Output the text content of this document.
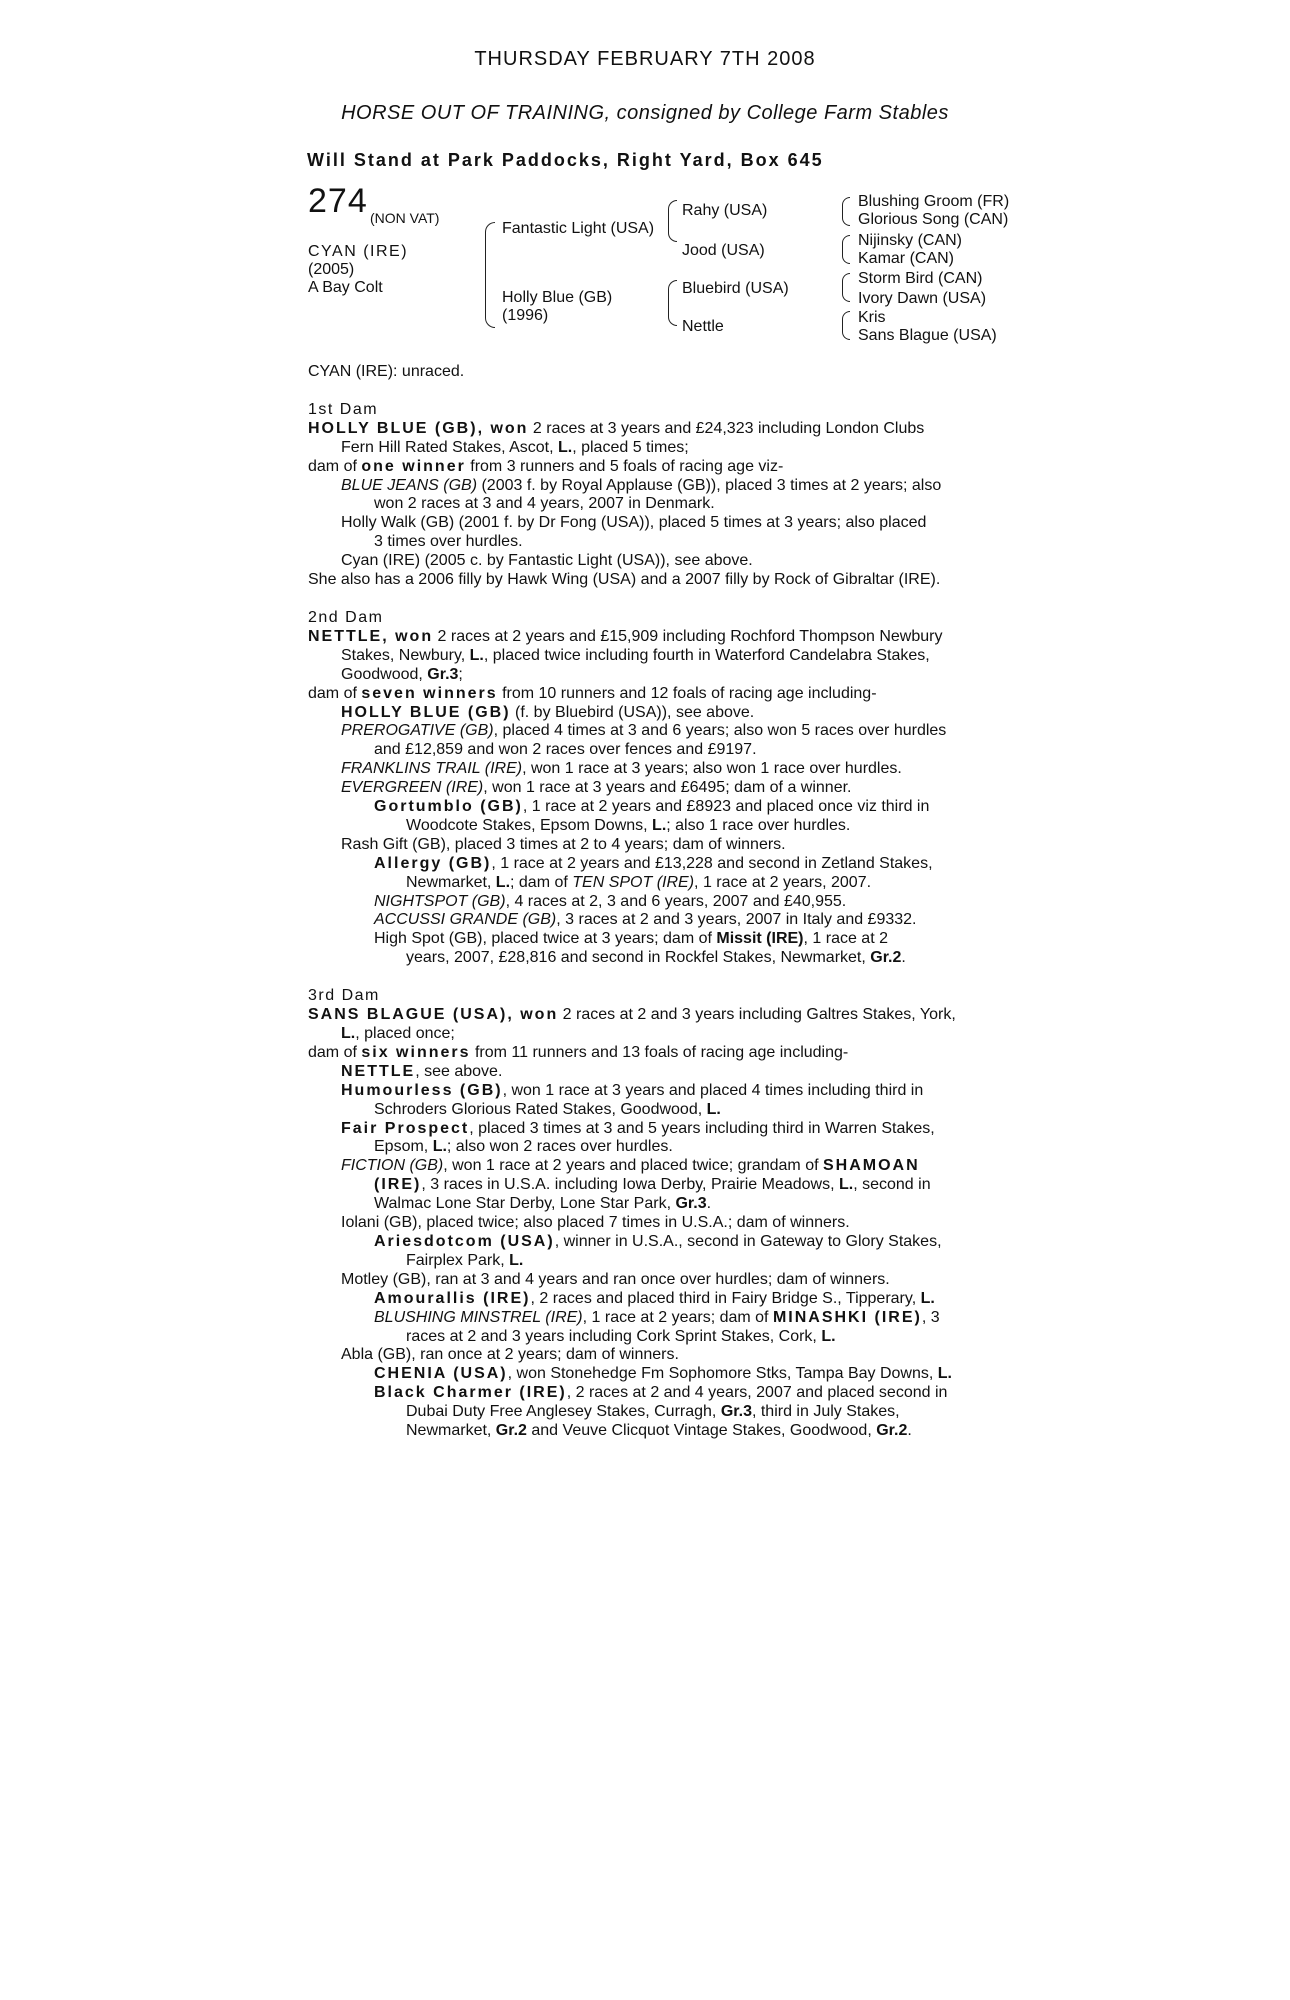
THURSDAY FEBRUARY 7TH 2008
HORSE OUT OF TRAINING, consigned by College Farm Stables
Will Stand at Park Paddocks, Right Yard, Box 645
274 (NON VAT)
CYAN (IRE)
(2005)
A Bay Colt
Fantastic Light (USA)
Holly Blue (GB)
(1996)
Rahy (USA)
Jood (USA)
Bluebird (USA)
Nettle
Blushing Groom (FR)
Glorious Song (CAN)
Nijinsky (CAN)
Kamar (CAN)
Storm Bird (CAN)
Ivory Dawn (USA)
Kris
Sans Blague (USA)
CYAN (IRE): unraced.
1st Dam
HOLLY BLUE (GB), won 2 races at 3 years and £24,323 including London Clubs
Fern Hill Rated Stakes, Ascot, L., placed 5 times;
dam of one winner from 3 runners and 5 foals of racing age viz-
BLUE JEANS (GB) (2003 f. by Royal Applause (GB)), placed 3 times at 2 years; also
won 2 races at 3 and 4 years, 2007 in Denmark.
Holly Walk (GB) (2001 f. by Dr Fong (USA)), placed 5 times at 3 years; also placed
3 times over hurdles.
Cyan (IRE) (2005 c. by Fantastic Light (USA)), see above.
She also has a 2006 filly by Hawk Wing (USA) and a 2007 filly by Rock of Gibraltar (IRE).
2nd Dam
NETTLE, won 2 races at 2 years and £15,909 including Rochford Thompson Newbury
Stakes, Newbury, L., placed twice including fourth in Waterford Candelabra Stakes,
Goodwood, Gr.3;
dam of seven winners from 10 runners and 12 foals of racing age including-
HOLLY BLUE (GB) (f. by Bluebird (USA)), see above.
PREROGATIVE (GB), placed 4 times at 3 and 6 years; also won 5 races over hurdles
and £12,859 and won 2 races over fences and £9197.
FRANKLINS TRAIL (IRE), won 1 race at 3 years; also won 1 race over hurdles.
EVERGREEN (IRE), won 1 race at 3 years and £6495; dam of a winner.
Gortumblo (GB), 1 race at 2 years and £8923 and placed once viz third in
Woodcote Stakes, Epsom Downs, L.; also 1 race over hurdles.
Rash Gift (GB), placed 3 times at 2 to 4 years; dam of winners.
Allergy (GB), 1 race at 2 years and £13,228 and second in Zetland Stakes,
Newmarket, L.; dam of TEN SPOT (IRE), 1 race at 2 years, 2007.
NIGHTSPOT (GB), 4 races at 2, 3 and 6 years, 2007 and £40,955.
ACCUSSI GRANDE (GB), 3 races at 2 and 3 years, 2007 in Italy and £9332.
High Spot (GB), placed twice at 3 years; dam of Missit (IRE), 1 race at 2
years, 2007, £28,816 and second in Rockfel Stakes, Newmarket, Gr.2.
3rd Dam
SANS BLAGUE (USA), won 2 races at 2 and 3 years including Galtres Stakes, York,
L., placed once;
dam of six winners from 11 runners and 13 foals of racing age including-
NETTLE, see above.
Humourless (GB), won 1 race at 3 years and placed 4 times including third in
Schroders Glorious Rated Stakes, Goodwood, L.
Fair Prospect, placed 3 times at 3 and 5 years including third in Warren Stakes,
Epsom, L.; also won 2 races over hurdles.
FICTION (GB), won 1 race at 2 years and placed twice; grandam of SHAMOAN
(IRE), 3 races in U.S.A. including Iowa Derby, Prairie Meadows, L., second in
Walmac Lone Star Derby, Lone Star Park, Gr.3.
Iolani (GB), placed twice; also placed 7 times in U.S.A.; dam of winners.
Ariesdotcom (USA), winner in U.S.A., second in Gateway to Glory Stakes,
Fairplex Park, L.
Motley (GB), ran at 3 and 4 years and ran once over hurdles; dam of winners.
Amourallis (IRE), 2 races and placed third in Fairy Bridge S., Tipperary, L.
BLUSHING MINSTREL (IRE), 1 race at 2 years; dam of MINASHKI (IRE), 3
races at 2 and 3 years including Cork Sprint Stakes, Cork, L.
Abla (GB), ran once at 2 years; dam of winners.
CHENIA (USA), won Stonehedge Fm Sophomore Stks, Tampa Bay Downs, L.
Black Charmer (IRE), 2 races at 2 and 4 years, 2007 and placed second in
Dubai Duty Free Anglesey Stakes, Curragh, Gr.3, third in July Stakes,
Newmarket, Gr.2 and Veuve Clicquot Vintage Stakes, Goodwood, Gr.2.
